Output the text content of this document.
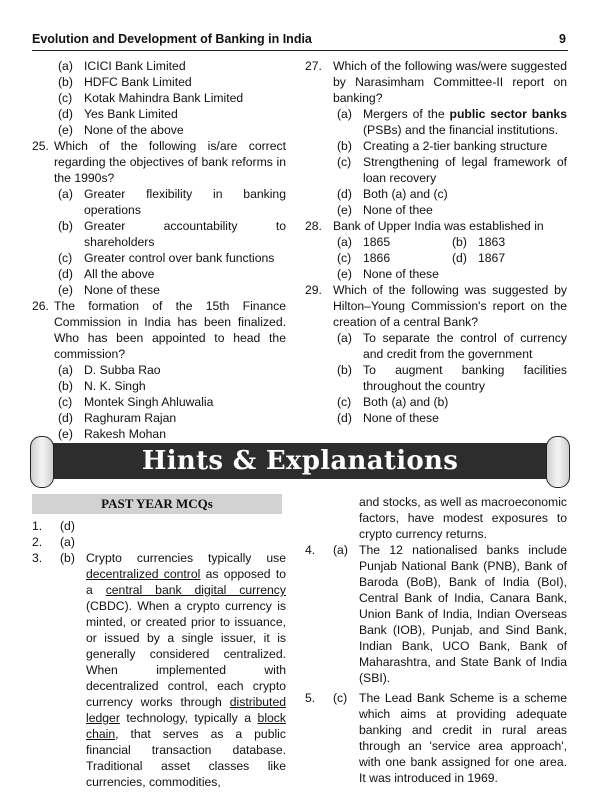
Evolution and Development of Banking in India	9
(a) ICICI Bank Limited
(b) HDFC Bank Limited
(c) Kotak Mahindra Bank Limited
(d) Yes Bank Limited
(e) None of the above
25. Which of the following is/are correct regarding the objectives of bank reforms in the 1990s?
(a) Greater flexibility in banking operations
(b) Greater accountability to shareholders
(c) Greater control over bank functions
(d) All the above
(e) None of these
26. The formation of the 15th Finance Commission in India has been finalized. Who has been appointed to head the commission?
(a) D. Subba Rao
(b) N. K. Singh
(c) Montek Singh Ahluwalia
(d) Raghuram Rajan
(e) Rakesh Mohan
27. Which of the following was/were suggested by Narasimham Committee-II report on banking?
(a) Mergers of the public sector banks (PSBs) and the financial institutions.
(b) Creating a 2-tier banking structure
(c) Strengthening of legal framework of loan recovery
(d) Both (a) and (c)
(e) None of thee
28. Bank of Upper India was established in
(a) 1865	(b) 1863
(c) 1866	(d) 1867
(e) None of these
29. Which of the following was suggested by Hilton–Young Commission's report on the creation of a central Bank?
(a) To separate the control of currency and credit from the government
(b) To augment banking facilities throughout the country
(c) Both (a) and (b)
(d) None of these
Hints & Explanations
PAST YEAR MCQs
1. (d)
2. (a)
3. (b) Crypto currencies typically use decentralized control as opposed to a central bank digital currency (CBDC). When a crypto currency is minted, or created prior to issuance, or issued by a single issuer, it is generally considered centralized. When implemented with decentralized control, each crypto currency works through distributed ledger technology, typically a block chain, that serves as a public financial transaction database. Traditional asset classes like currencies, commodities,
and stocks, as well as macroeconomic factors, have modest exposures to crypto currency returns.
4. (a) The 12 nationalised banks include Punjab National Bank (PNB), Bank of Baroda (BoB), Bank of India (BoI), Central Bank of India, Canara Bank, Union Bank of India, Indian Overseas Bank (IOB), Punjab, and Sind Bank, Indian Bank, UCO Bank, Bank of Maharashtra, and State Bank of India (SBI).
5. (c) The Lead Bank Scheme is a scheme which aims at providing adequate banking and credit in rural areas through an 'service area approach', with one bank assigned for one area. It was introduced in 1969.
